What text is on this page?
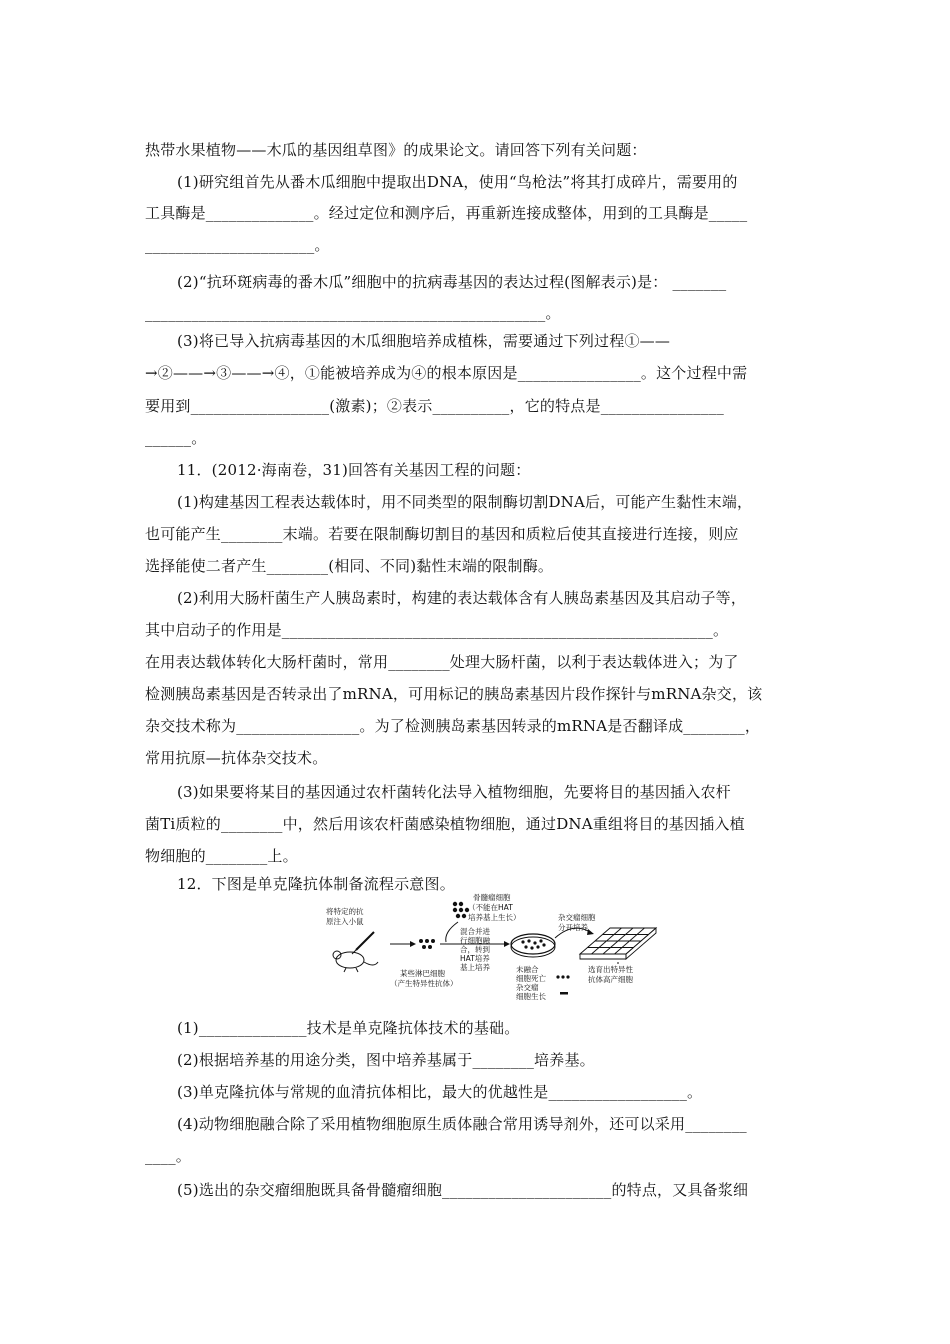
热带水果植物——木瓜的基因组草图》的成果论文。请回答下列有关问题：
(1)研究组首先从番木瓜细胞中提取出DNA，使用“鸟枪法”将其打成碎片，需要用的
工具酶是______________。经过定位和测序后，再重新连接成整体，用到的工具酶是_____
______________________。
(2)“抗环斑病毒的番木瓜”细胞中的抗病毒基因的表达过程(图解表示)是： _______
____________________________________________________。
(3)将已导入抗病毒基因的木瓜细胞培养成植株，需要通过下列过程①——
→②——→③——→④，①能被培养成为④的根本原因是________________。这个过程中需
要用到__________________(激素)；②表示__________，它的特点是________________
______。
11．(2012·海南卷，31)回答有关基因工程的问题：
(1)构建基因工程表达载体时，用不同类型的限制酶切割DNA后，可能产生黏性末端，
也可能产生________末端。若要在限制酶切割目的基因和质粒后使其直接进行连接，则应
选择能使二者产生________(相同、不同)黏性末端的限制酶。
(2)利用大肠杆菌生产人胰岛素时，构建的表达载体含有人胰岛素基因及其启动子等，
其中启动子的作用是________________________________________________________。
在用表达载体转化大肠杆菌时，常用________处理大肠杆菌，以利于表达载体进入；为了
检测胰岛素基因是否转录出了mRNA，可用标记的胰岛素基因片段作探针与mRNA杂交，该
杂交技术称为________________。为了检测胰岛素基因转录的mRNA是否翻译成________，
常用抗原—抗体杂交技术。
(3)如果要将某目的基因通过农杆菌转化法导入植物细胞，先要将目的基因插入农杆
菌Ti质粒的________中，然后用该农杆菌感染植物细胞，通过DNA重组将目的基因插入植
物细胞的________上。
12．下图是单克隆抗体制备流程示意图。
将特定的抗
原注入小鼠
某些淋巴细胞
（产生特异性抗体）
骨髓瘤细胞
（不能在HAT
培养基上生长）
混合并进
行细胞融
合，转到
HAT培养
基上培养	未融合
细胞死亡
杂交瘤
细胞生长
杂交瘤细胞
分开培养
选育出特异性
抗体高产细胞
(1)______________技术是单克隆抗体技术的基础。
(2)根据培养基的用途分类，图中培养基属于________培养基。
(3)单克隆抗体与常规的血清抗体相比，最大的优越性是__________________。
(4)动物细胞融合除了采用植物细胞原生质体融合常用诱导剂外，还可以采用________
____。
(5)选出的杂交瘤细胞既具备骨髓瘤细胞______________________的特点，又具备浆细
